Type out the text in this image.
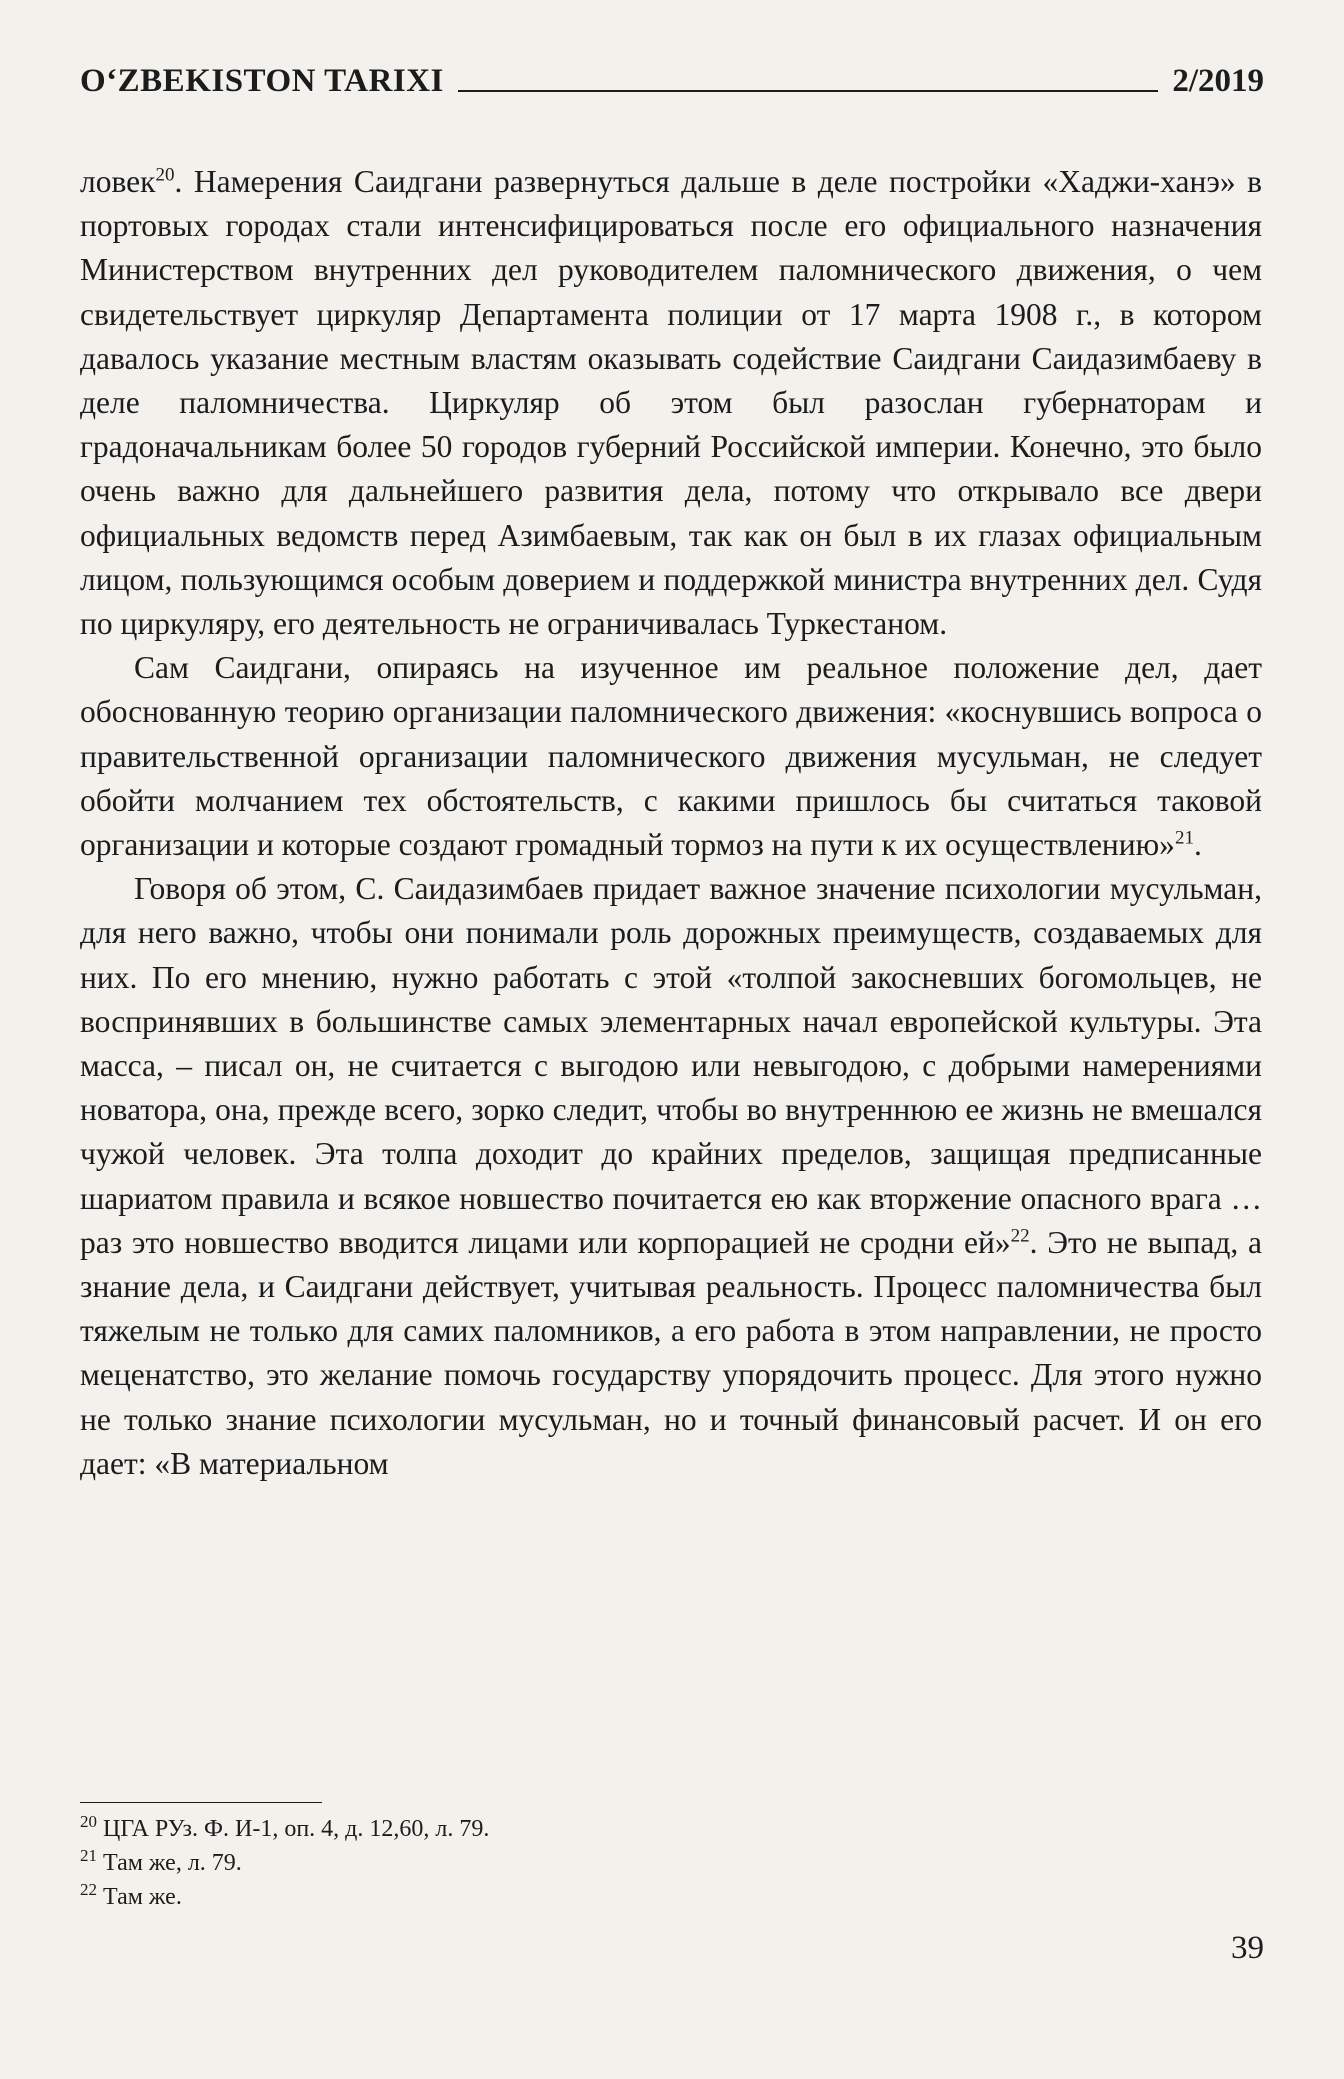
O‘ZBEKISTON TARIXI	2/2019

ловек$^{20}$. Намерения Саидгани развернуться дальше в деле постройки «Хаджи-ханэ» в портовых городах стали интенсифицироваться после его официального назначения Министерством внутренних дел руководителем паломнического движения, о чем свидетельствует циркуляр Департамента полиции от 17 марта 1908 г., в котором давалось указание местным властям оказывать содействие Саидгани Саидазимбаеву в деле паломничества. Циркуляр об этом был разослан губернаторам и градоначальникам более 50 городов губерний Российской империи. Конечно, это было очень важно для дальнейшего развития дела, потому что открывало все двери официальных ведомств перед Азимбаевым, так как он был в их глазах официальным лицом, пользующимся особым доверием и поддержкой министра внутренних дел. Судя по циркуляру, его деятельность не ограничивалась Туркестаном.

Сам Саидгани, опираясь на изученное им реальное положение дел, дает обоснованную теорию организации паломнического движения: «коснувшись вопроса о правительственной организации паломнического движения мусульман, не следует обойти молчанием тех обстоятельств, с какими пришлось бы считаться таковой организации и которые создают громадный тормоз на пути к их осуществлению»$^{21}$.

Говоря об этом, С. Саидазимбаев придает важное значение психологии мусульман, для него важно, чтобы они понимали роль дорожных преимуществ, создаваемых для них. По его мнению, нужно работать с этой «толпой закосневших богомольцев, не воспринявших в большинстве самых элементарных начал европейской культуры. Эта масса, – писал он, не считается с выгодою или невыгодою, с добрыми намерениями новатора, она, прежде всего, зорко следит, чтобы во внутреннюю ее жизнь не вмешался чужой человек. Эта толпа доходит до крайних пределов, защищая предписанные шариатом правила и всякое новшество почитается ею как вторжение опасного врага … раз это новшество вводится лицами или корпорацией не сродни ей»$^{22}$. Это не выпад, а знание дела, и Саидгани действует, учитывая реальность. Процесс паломничества был тяжелым не только для самих паломников, а его работа в этом направлении, не просто меценатство, это желание помочь государству упорядочить процесс. Для этого нужно не только знание психологии мусульман, но и точный финансовый расчет. И он его дает: «В материальном

$^{20}$ ЦГА РУз. Ф. И-1, оп. 4, д. 12,60, л. 79.

$^{21}$ Там же, л. 79.

$^{22}$ Там же.

39
